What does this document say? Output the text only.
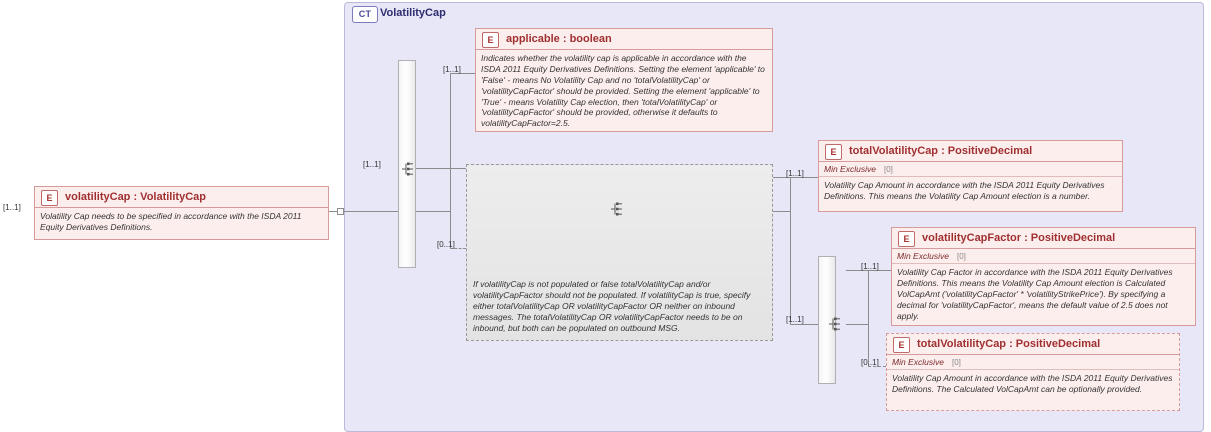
CT VolatilityCap
[1..1]
E	volatilityCap : VolatilityCap
Volatility Cap needs to be specified in accordance with the ISDA 2011 Equity Derivatives Definitions.
[1..1]
E	applicable : boolean
Indicates whether the volatility cap is applicable in accordance with the ISDA 2011 Equity Derivatives Definitions. Setting the element 'applicable' to 'False' - means No Volatility Cap and no 'totalVolatilityCap' or 'volatilityCapFactor' should be provided. Setting the element 'applicable' to 'True' - means Volatility Cap election, then 'totalVolatilityCap' or 'volatilityCapFactor' should be provided, otherwise it defaults to volatilityCapFactor=2.5.
[1..1]
If volatilityCap is not populated or false totalVolatilityCap and/or volatilityCapFactor should not be populated. If volatilityCap is true, specify either totalVolatilityCap OR volatilityCapFactor OR neither on inbound messages. The totalVolatilityCap OR volatilityCapFactor needs to be on inbound, but both can be populated on outbound MSG.
[0..1]
E	totalVolatilityCap : PositiveDecimal
Min Exclusive [0]
Volatility Cap Amount in accordance with the ISDA 2011 Equity Derivatives Definitions. This means the Volatility Cap Amount election is a number.
[1..1]
[1..1]
E	volatilityCapFactor : PositiveDecimal
Min Exclusive [0]
Volatility Cap Factor in accordance with the ISDA 2011 Equity Derivatives Definitions. This means the Volatility Cap Amount election is Calculated VolCapAmt ('volatilityCapFactor' * 'volatilityStrikePrice'). By specifying a decimal for 'volatilityCapFactor', means the default value of 2.5 does not apply.
[1..1]
E	totalVolatilityCap : PositiveDecimal
Min Exclusive [0]
Volatility Cap Amount in accordance with the ISDA 2011 Equity Derivatives Definitions. The Calculated VolCapAmt can be optionally provided.
[0..1]
